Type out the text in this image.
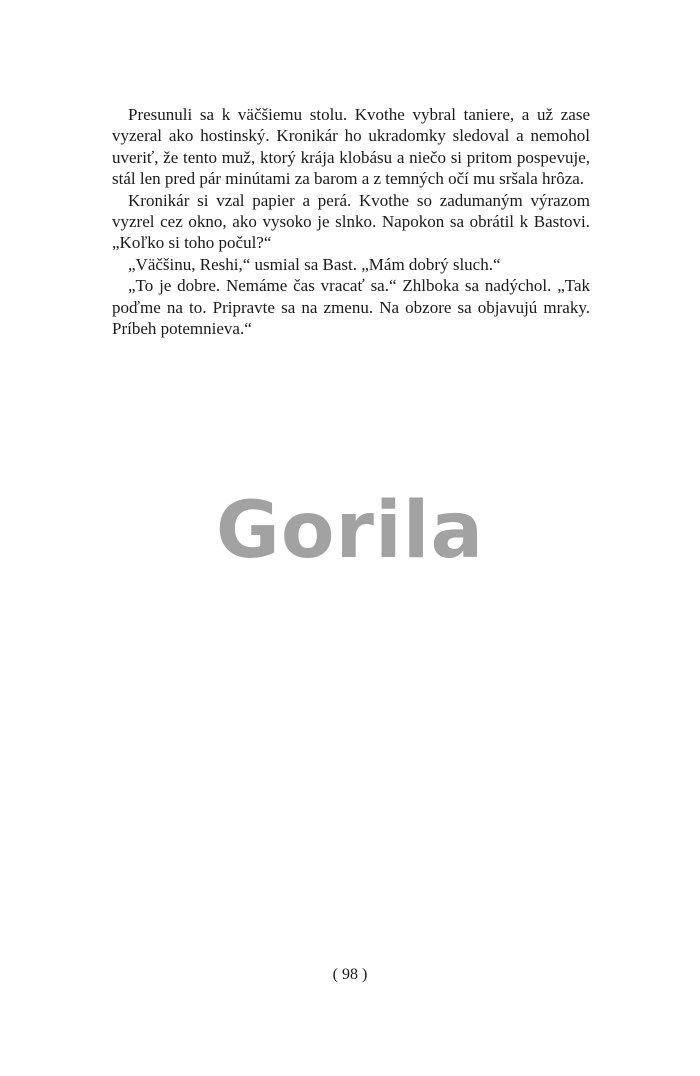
Presunuli sa k väčšiemu stolu. Kvothe vybral taniere, a už zase vyzeral ako hostinský. Kronikár ho ukradomky sledoval a nemohol uveriť, že tento muž, ktorý krája klobásu a niečo si pritom pospevuje, stál len pred pár minútami za barom a z temných očí mu sršala hrôza.

Kronikár si vzal papier a perá. Kvothe so zadumaným výrazom vyzrel cez okno, ako vysoko je slnko. Napokon sa obrátil k Bastovi. „Koľko si toho počul?“

„Väčšinu, Reshi,“ usmial sa Bast. „Mám dobrý sluch.“

„To je dobre. Nemáme čas vracať sa.“ Zhlboka sa nadýchol. „Tak poďme na to. Pripravte sa na zmenu. Na obzore sa objavujú mraky. Príbeh potemnieva.“

Gorila
( 98 )
